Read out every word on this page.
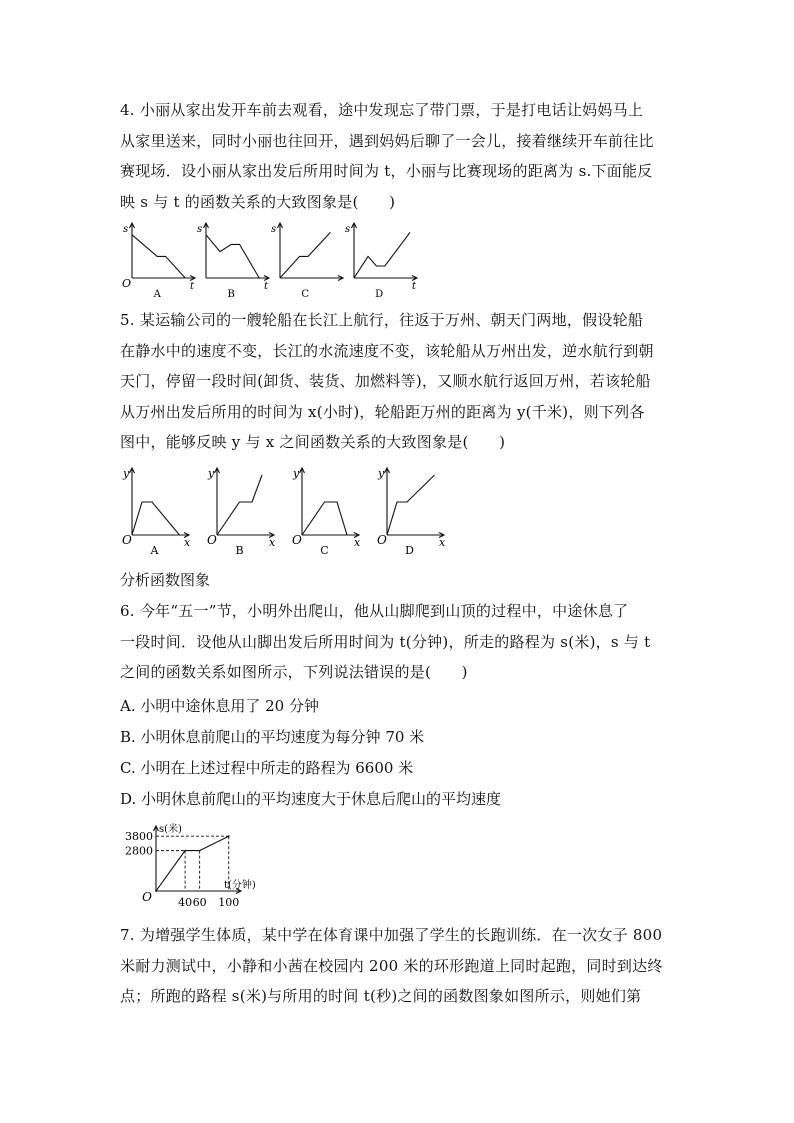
4. 小丽从家出发开车前去观看，途中发现忘了带门票，于是打电话让妈妈马上
从家里送来，同时小丽也往回开，遇到妈妈后聊了一会儿，接着继续开车前往比
赛现场．设小丽从家出发后所用时间为 t，小丽与比赛现场的距离为 s.下面能反
映 s 与 t 的函数关系的大致图象是(　　)
s
t
O
A
s
t
B
s
C
s
t
D
5. 某运输公司的一艘轮船在长江上航行，往返于万州、朝天门两地，假设轮船
在静水中的速度不变，长江的水流速度不变，该轮船从万州出发，逆水航行到朝
天门，停留一段时间(卸货、装货、加燃料等)，又顺水航行返回万州，若该轮船
从万州出发后所用的时间为 x(小时)，轮船距万州的距离为 y(千米)，则下列各
图中，能够反映 y 与 x 之间函数关系的大致图象是(　　)
y
x
O
A
y
x
O
B
y
x
O
C
y
x
O
D
分析函数图象
6. 今年“五一”节，小明外出爬山，他从山脚爬到山顶的过程中，中途休息了
一段时间．设他从山脚出发后所用时间为 t(分钟)，所走的路程为 s(米)，s 与 t
之间的函数关系如图所示，下列说法错误的是(　　)
A. 小明中途休息用了 20 分钟
B. 小明休息前爬山的平均速度为每分钟 70 米
C. 小明在上述过程中所走的路程为 6600 米
D. 小明休息前爬山的平均速度大于休息后爬山的平均速度
40 60 100
2800
3800
O
s(米)
t(分钟)
7. 为增强学生体质，某中学在体育课中加强了学生的长跑训练．在一次女子 800
米耐力测试中，小静和小茜在校园内 200 米的环形跑道上同时起跑，同时到达终
点；所跑的路程 s(米)与所用的时间 t(秒)之间的函数图象如图所示，则她们第
